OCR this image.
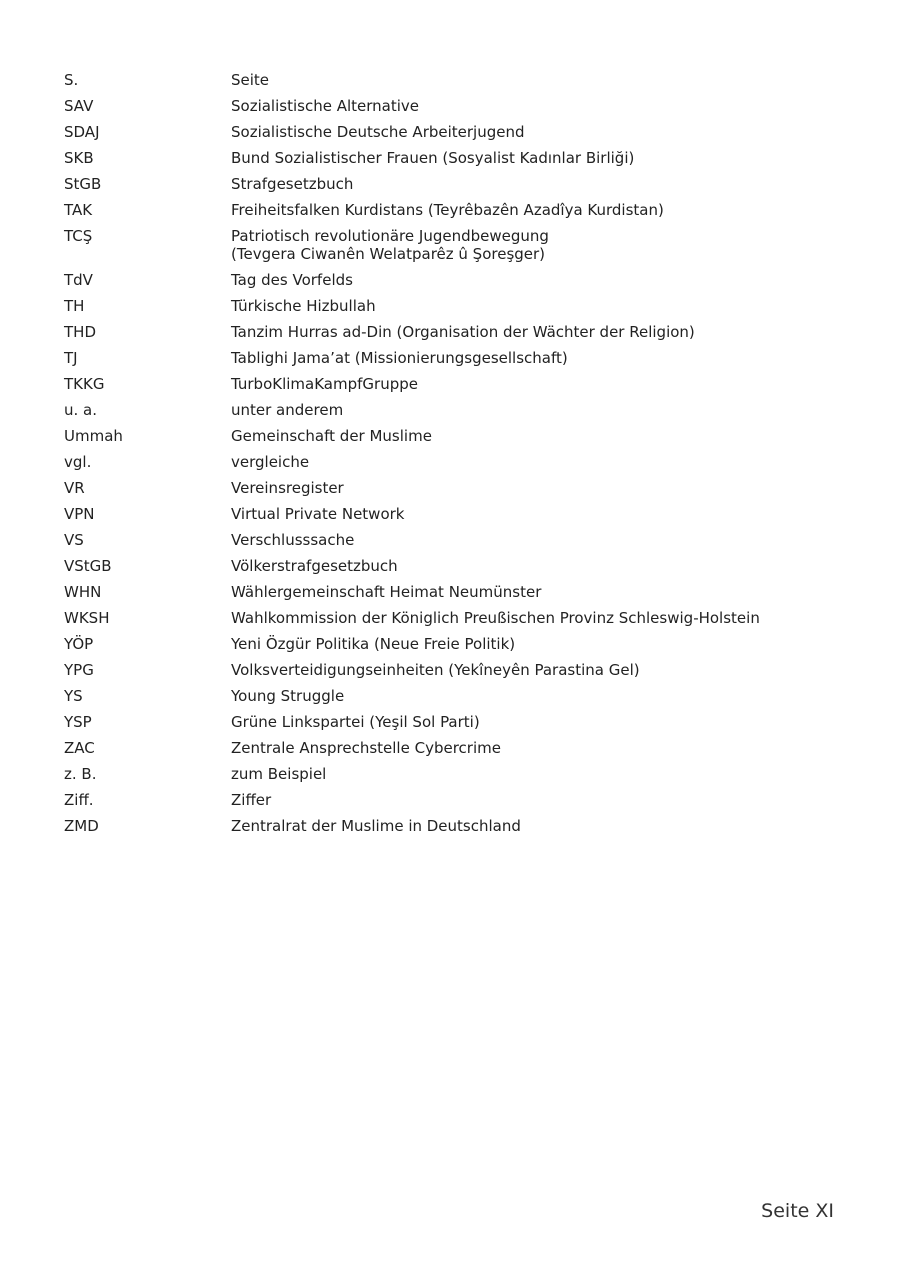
S.	Seite
SAV	Sozialistische Alternative
SDAJ	Sozialistische Deutsche Arbeiterjugend
SKB	Bund Sozialistischer Frauen (Sosyalist Kadınlar Birliği)
StGB	Strafgesetzbuch
TAK	Freiheitsfalken Kurdistans (Teyrêbazên Azadîya Kurdistan)
TCŞ	Patriotisch revolutionäre Jugendbewegung
(Tevgera Ciwanên Welatparêz û Şoreşger)
TdV	Tag des Vorfelds
TH	Türkische Hizbullah
THD	Tanzim Hurras ad-Din (Organisation der Wächter der Religion)
TJ	Tablighi Jama’at (Missionierungsgesellschaft)
TKKG	TurboKlimaKampfGruppe
u. a.	unter anderem
Ummah	Gemeinschaft der Muslime
vgl.	vergleiche
VR	Vereinsregister
VPN	Virtual Private Network
VS	Verschlusssache
VStGB	Völkerstrafgesetzbuch
WHN	Wählergemeinschaft Heimat Neumünster
WKSH	Wahlkommission der Königlich Preußischen Provinz Schleswig-Holstein
YÖP	Yeni Özgür Politika (Neue Freie Politik)
YPG	Volksverteidigungseinheiten (Yekîneyên Parastina Gel)
YS	Young Struggle
YSP	Grüne Linkspartei (Yeşil Sol Parti)
ZAC	Zentrale Ansprechstelle Cybercrime
z. B.	zum Beispiel
Ziff.	Ziffer
ZMD	Zentralrat der Muslime in Deutschland
Seite XI
